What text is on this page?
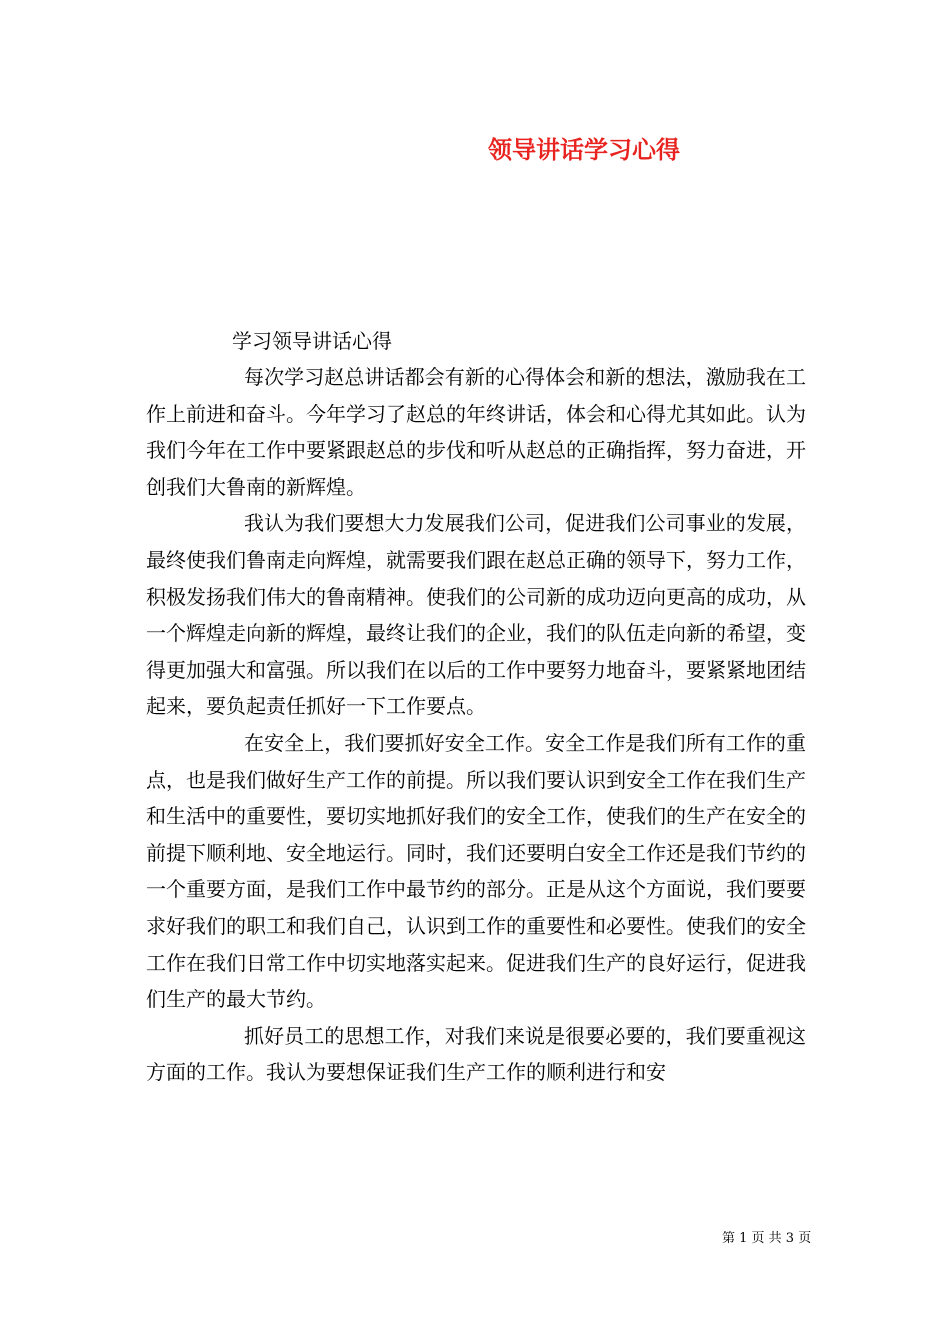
领导讲话学习心得

学习领导讲话心得

每次学习赵总讲话都会有新的心得体会和新的想法，激励我在工作上前进和奋斗。今年学习了赵总的年终讲话，体会和心得尤其如此。认为我们今年在工作中要紧跟赵总的步伐和听从赵总的正确指挥，努力奋进，开创我们大鲁南的新辉煌。

我认为我们要想大力发展我们公司，促进我们公司事业的发展，最终使我们鲁南走向辉煌，就需要我们跟在赵总正确的领导下，努力工作，积极发扬我们伟大的鲁南精神。使我们的公司新的成功迈向更高的成功，从一个辉煌走向新的辉煌，最终让我们的企业，我们的队伍走向新的希望，变得更加强大和富强。所以我们在以后的工作中要努力地奋斗，要紧紧地团结起来，要负起责任抓好一下工作要点。

在安全上，我们要抓好安全工作。安全工作是我们所有工作的重点，也是我们做好生产工作的前提。所以我们要认识到安全工作在我们生产和生活中的重要性，要切实地抓好我们的安全工作，使我们的生产在安全的前提下顺利地、安全地运行。同时，我们还要明白安全工作还是我们节约的一个重要方面，是我们工作中最节约的部分。正是从这个方面说，我们要要求好我们的职工和我们自己，认识到工作的重要性和必要性。使我们的安全工作在我们日常工作中切实地落实起来。促进我们生产的良好运行，促进我们生产的最大节约。

抓好员工的思想工作，对我们来说是很要必要的，我们要重视这方面的工作。我认为要想保证我们生产工作的顺利进行和安

第 1 页 共 3 页
